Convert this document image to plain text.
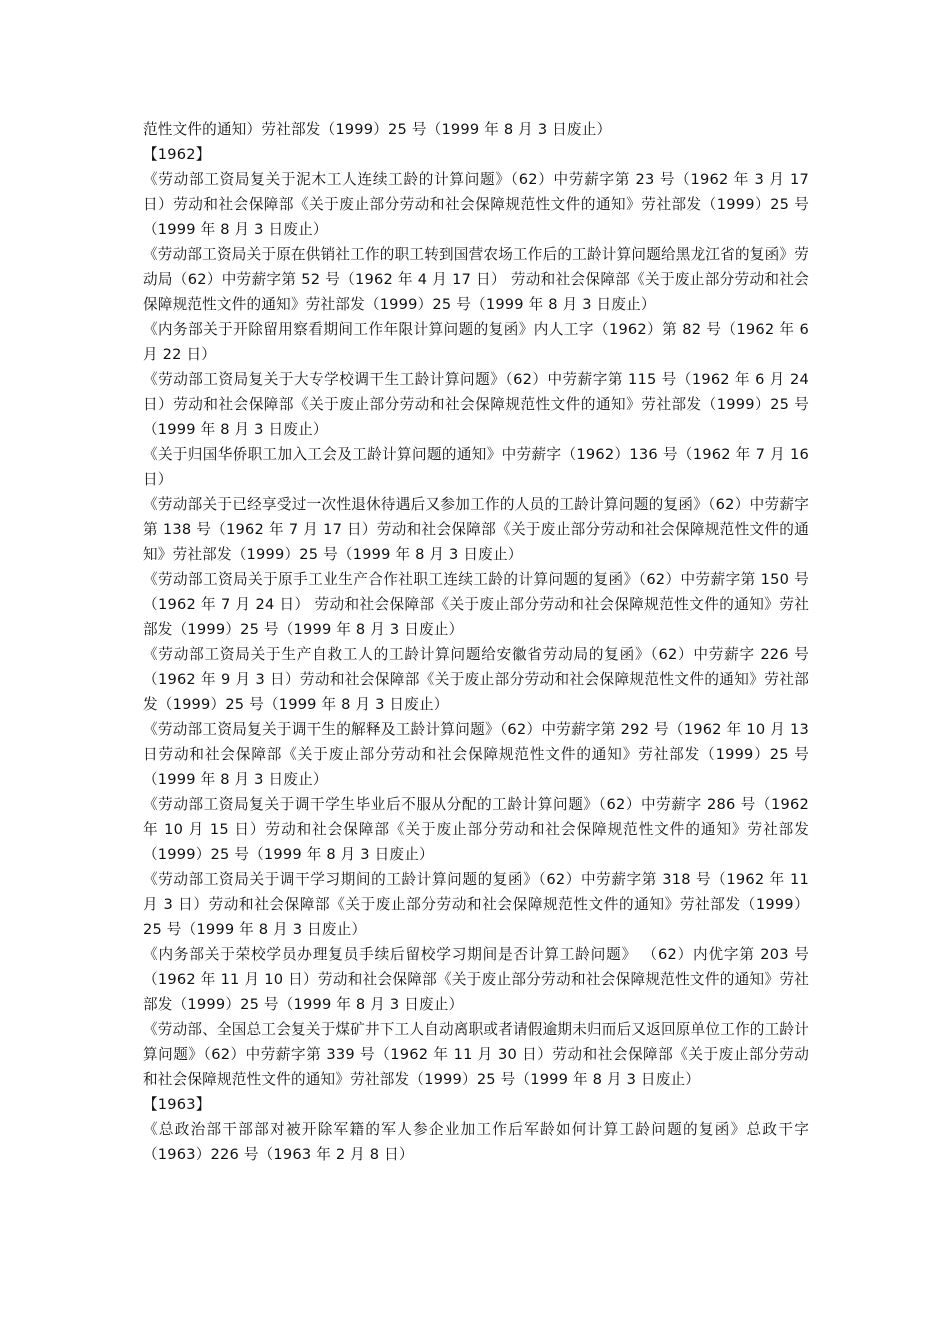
范性文件的通知）劳社部发（1999）25 号（1999 年 8 月 3 日废止）

【1962】

《劳动部工资局复关于泥木工人连续工龄的计算问题》（62）中劳薪字第 23 号（1962 年 3 月 17 日）劳动和社会保障部《关于废止部分劳动和社会保障规范性文件的通知》劳社部发（1999）25 号（1999 年 8 月 3 日废止）

《劳动部工资局关于原在供销社工作的职工转到国营农场工作后的工龄计算问题给黑龙江省的复函》劳动局（62）中劳薪字第 52 号（1962 年 4 月 17 日） 劳动和社会保障部《关于废止部分劳动和社会保障规范性文件的通知》劳社部发（1999）25 号（1999 年 8 月 3 日废止）

《内务部关于开除留用察看期间工作年限计算问题的复函》内人工字（1962）第 82 号（1962 年 6 月 22 日）

《劳动部工资局复关于大专学校调干生工龄计算问题》（62）中劳薪字第 115 号（1962 年 6 月 24 日）劳动和社会保障部《关于废止部分劳动和社会保障规范性文件的通知》劳社部发（1999）25 号（1999 年 8 月 3 日废止）

《关于归国华侨职工加入工会及工龄计算问题的通知》中劳薪字（1962）136 号（1962 年 7 月 16 日）

《劳动部关于已经享受过一次性退休待遇后又参加工作的人员的工龄计算问题的复函》（62）中劳薪字第 138 号（1962 年 7 月 17 日）劳动和社会保障部《关于废止部分劳动和社会保障规范性文件的通知》劳社部发（1999）25 号（1999 年 8 月 3 日废止）

《劳动部工资局关于原手工业生产合作社职工连续工龄的计算问题的复函》（62）中劳薪字第 150 号（1962 年 7 月 24 日） 劳动和社会保障部《关于废止部分劳动和社会保障规范性文件的通知》劳社部发（1999）25 号（1999 年 8 月 3 日废止）

《劳动部工资局关于生产自救工人的工龄计算问题给安徽省劳动局的复函》（62）中劳薪字 226 号（1962 年 9 月 3 日）劳动和社会保障部《关于废止部分劳动和社会保障规范性文件的通知》劳社部发（1999）25 号（1999 年 8 月 3 日废止）

《劳动部工资局复关于调干生的解释及工龄计算问题》（62）中劳薪字第 292 号（1962 年 10 月 13 日劳动和社会保障部《关于废止部分劳动和社会保障规范性文件的通知》劳社部发（1999）25 号（1999 年 8 月 3 日废止）

《劳动部工资局复关于调干学生毕业后不服从分配的工龄计算问题》（62）中劳薪字 286 号（1962 年 10 月 15 日）劳动和社会保障部《关于废止部分劳动和社会保障规范性文件的通知》劳社部发（1999）25 号（1999 年 8 月 3 日废止）

《劳动部工资局关于调干学习期间的工龄计算问题的复函》（62）中劳薪字第 318 号（1962 年 11 月 3 日）劳动和社会保障部《关于废止部分劳动和社会保障规范性文件的通知》劳社部发（1999）25 号（1999 年 8 月 3 日废止）

《内务部关于荣校学员办理复员手续后留校学习期间是否计算工龄问题》 （62）内优字第 203 号（1962 年 11 月 10 日）劳动和社会保障部《关于废止部分劳动和社会保障规范性文件的通知》劳社部发（1999）25 号（1999 年 8 月 3 日废止）

《劳动部、全国总工会复关于煤矿井下工人自动离职或者请假逾期未归而后又返回原单位工作的工龄计算问题》（62）中劳薪字第 339 号（1962 年 11 月 30 日）劳动和社会保障部《关于废止部分劳动和社会保障规范性文件的通知》劳社部发（1999）25 号（1999 年 8 月 3 日废止）

【1963】

《总政治部干部部对被开除军籍的军人参企业加工作后军龄如何计算工龄问题的复函》总政干字（1963）226 号（1963 年 2 月 8 日）
